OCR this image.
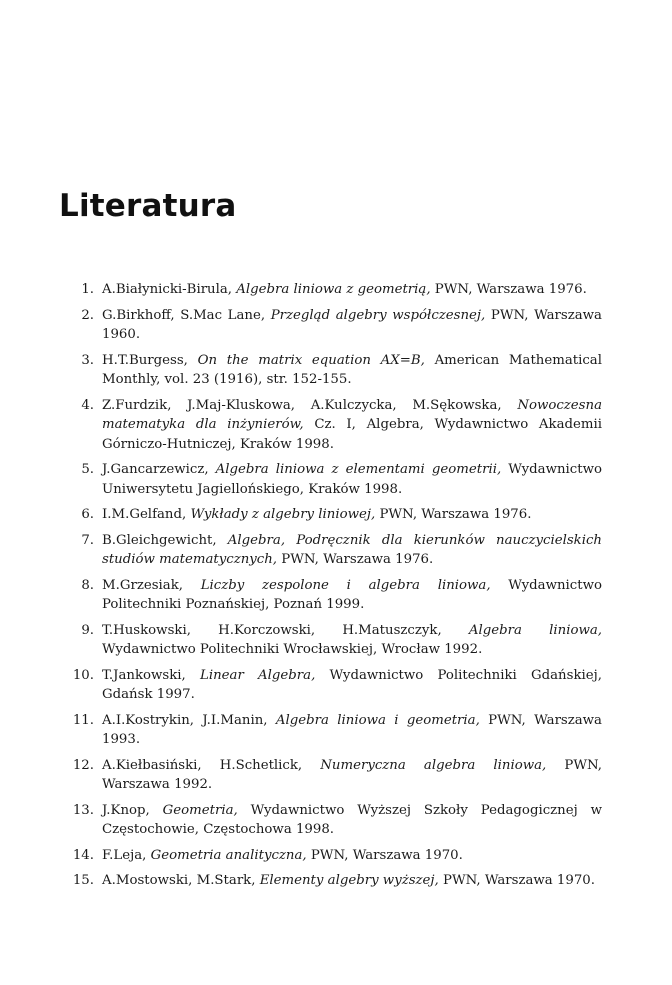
Literatura
1. A.Białynicki-Birula, Algebra liniowa z geometrią, PWN, Warszawa 1976.
2. G.Birkhoff, S.Mac Lane, Przegląd algebry współczesnej, PWN, Warszawa 1960.
3. H.T.Burgess, On the matrix equation AX=B, American Mathematical Monthly, vol. 23 (1916), str. 152-155.
4. Z.Furdzik, J.Maj-Kluskowa, A.Kulczycka, M.Sękowska, Nowoczesna matematyka dla inżynierów, Cz. I, Algebra, Wydawnictwo Akademii Górniczo-Hutniczej, Kraków 1998.
5. J.Gancarzewicz, Algebra liniowa z elementami geometrii, Wydawnictwo Uniwersytetu Jagiellońskiego, Kraków 1998.
6. I.M.Gelfand, Wykłady z algebry liniowej, PWN, Warszawa 1976.
7. B.Gleichgewicht, Algebra, Podręcznik dla kierunków nauczycielskich studiów matematycznych, PWN, Warszawa 1976.
8. M.Grzesiak, Liczby zespolone i algebra liniowa, Wydawnictwo Politechniki Poznańskiej, Poznań 1999.
9. T.Huskowski, H.Korczowski, H.Matuszczyk, Algebra liniowa, Wydawnictwo Politechniki Wrocławskiej, Wrocław 1992.
10. T.Jankowski, Linear Algebra, Wydawnictwo Politechniki Gdańskiej, Gdańsk 1997.
11. A.I.Kostrykin, J.I.Manin, Algebra liniowa i geometria, PWN, Warszawa 1993.
12. A.Kiełbasiński, H.Schetlick, Numeryczna algebra liniowa, PWN, Warszawa 1992.
13. J.Knop, Geometria, Wydawnictwo Wyższej Szkoły Pedagogicznej w Częstochowie, Częstochowa 1998.
14. F.Leja, Geometria analityczna, PWN, Warszawa 1970.
15. A.Mostowski, M.Stark, Elementy algebry wyższej, PWN, Warszawa 1970.
